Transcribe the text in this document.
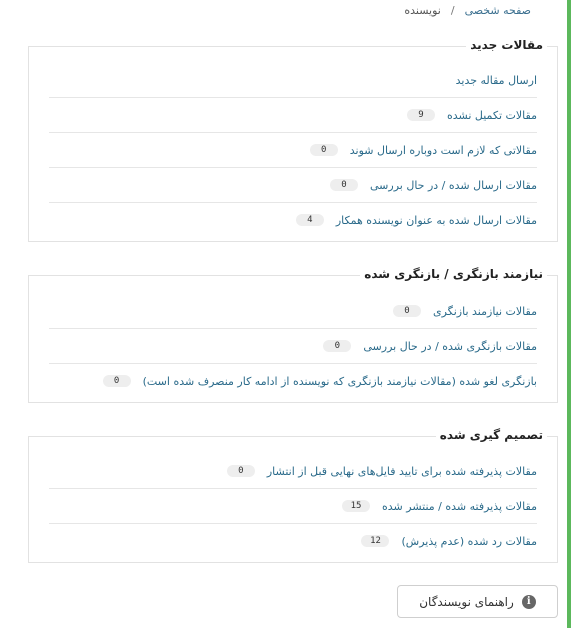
صفحه شخصی
/
نویسنده
مقالات جدید
ارسال مقاله جدید
مقالات تکمیل نشده
9
مقالاتی که لازم است دوباره ارسال شوند
0
مقالات ارسال شده / در حال بررسی
0
مقالات ارسال شده به عنوان نویسنده همکار
4
نیازمند بازنگری / بازنگری شده
مقالات نیازمند بازنگری
0
مقالات بازنگری شده / در حال بررسی
0
بازنگری لغو شده (مقالات نیازمند بازنگری که نویسنده از ادامه کار منصرف شده است)
0
تصمیم گیری شده
مقالات پذیرفته شده برای تایید فایل‌های نهایی قبل از انتشار
0
مقالات پذیرفته شده / منتشر شده
15
مقالات رد شده (عدم پذیرش)
12
i
راهنمای نویسندگان
